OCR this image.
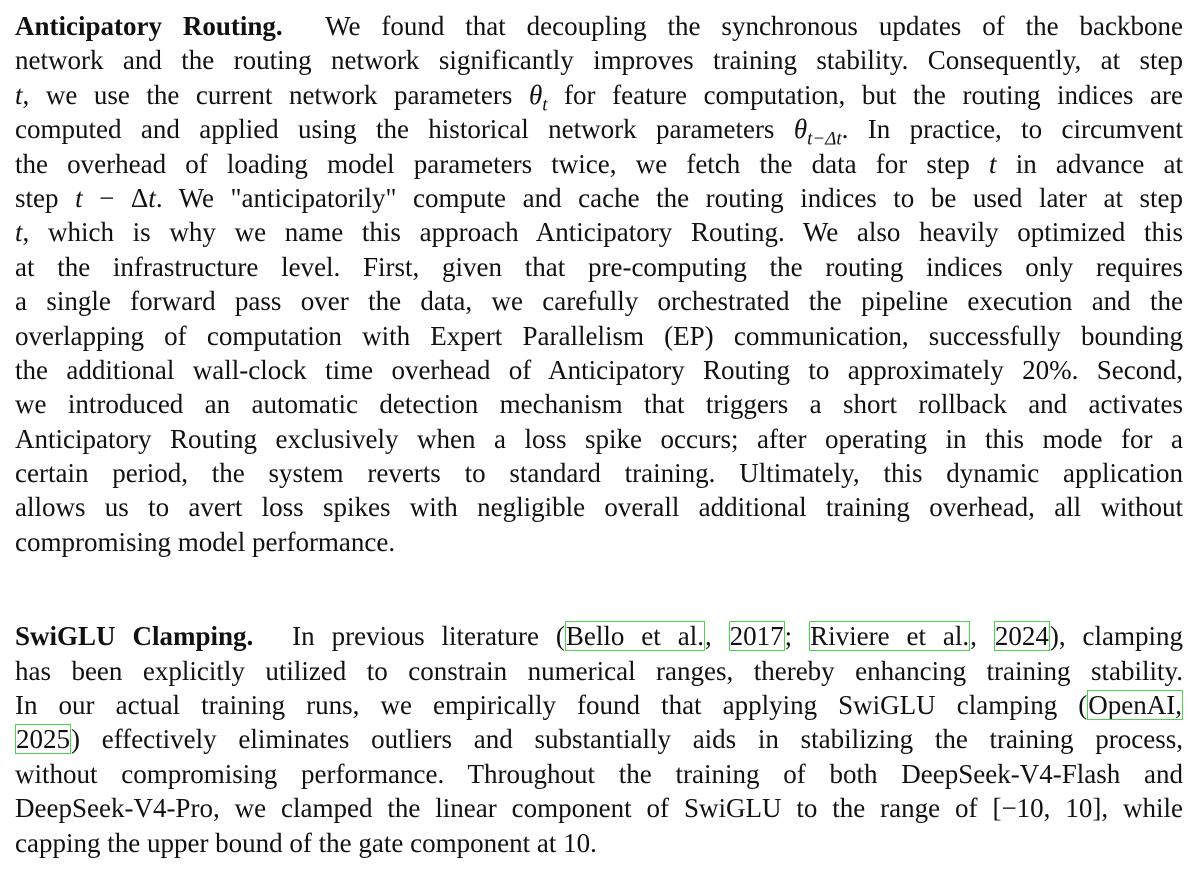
Anticipatory Routing. We found that decoupling the synchronous updates of the backbone
network and the routing network significantly improves training stability. Consequently, at step
t, we use the current network parameters $\theta_t$ for feature computation, but the routing indices are
computed and applied using the historical network parameters $\theta_{t-\Delta t}$. In practice, to circumvent
the overhead of loading model parameters twice, we fetch the data for step t in advance at
step t − Δt. We "anticipatorily" compute and cache the routing indices to be used later at step
t, which is why we name this approach Anticipatory Routing. We also heavily optimized this
at the infrastructure level. First, given that pre-computing the routing indices only requires
a single forward pass over the data, we carefully orchestrated the pipeline execution and the
overlapping of computation with Expert Parallelism (EP) communication, successfully bounding
the additional wall-clock time overhead of Anticipatory Routing to approximately 20%. Second,
we introduced an automatic detection mechanism that triggers a short rollback and activates
Anticipatory Routing exclusively when a loss spike occurs; after operating in this mode for a
certain period, the system reverts to standard training. Ultimately, this dynamic application
allows us to avert loss spikes with negligible overall additional training overhead, all without
compromising model performance.
SwiGLU Clamping. In previous literature (Bello et al., 2017; Riviere et al., 2024), clamping
has been explicitly utilized to constrain numerical ranges, thereby enhancing training stability.
In our actual training runs, we empirically found that applying SwiGLU clamping (OpenAI,
2025) effectively eliminates outliers and substantially aids in stabilizing the training process,
without compromising performance. Throughout the training of both DeepSeek-V4-Flash and
DeepSeek-V4-Pro, we clamped the linear component of SwiGLU to the range of [−10, 10], while
capping the upper bound of the gate component at 10.
